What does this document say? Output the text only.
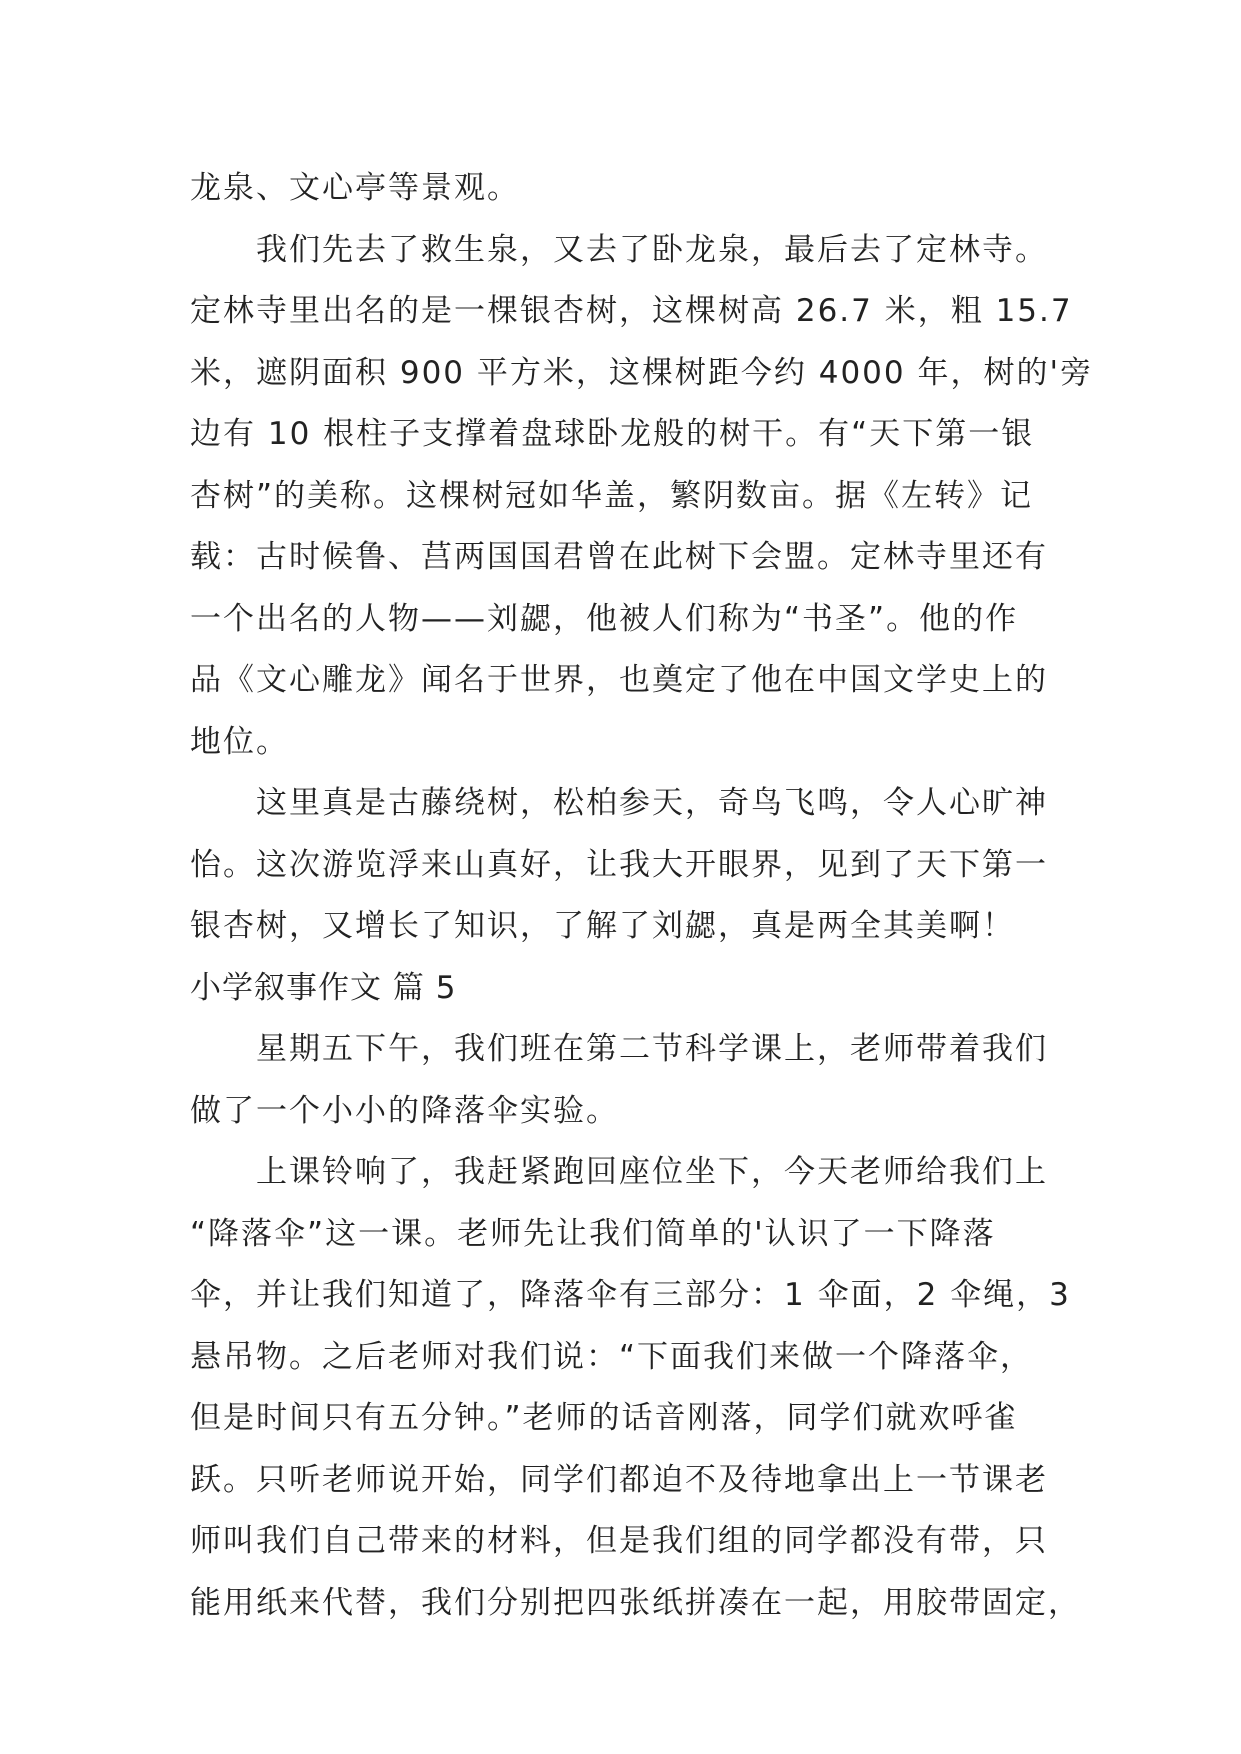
龙泉、文心亭等景观。
我们先去了救生泉，又去了卧龙泉，最后去了定林寺。
定林寺里出名的是一棵银杏树，这棵树高 26.7 米，粗 15.7
米，遮阴面积 900 平方米，这棵树距今约 4000 年，树的'旁
边有 10 根柱子支撑着盘球卧龙般的树干。有“天下第一银
杏树”的美称。这棵树冠如华盖，繁阴数亩。据《左转》记
载：古时候鲁、莒两国国君曾在此树下会盟。定林寺里还有
一个出名的人物——刘勰，他被人们称为“书圣”。他的作
品《文心雕龙》闻名于世界，也奠定了他在中国文学史上的
地位。
这里真是古藤绕树，松柏参天，奇鸟飞鸣，令人心旷神
怡。这次游览浮来山真好，让我大开眼界，见到了天下第一
银杏树，又增长了知识，了解了刘勰，真是两全其美啊！
小学叙事作文 篇 5
星期五下午，我们班在第二节科学课上，老师带着我们
做了一个小小的降落伞实验。
上课铃响了，我赶紧跑回座位坐下，今天老师给我们上
“降落伞”这一课。老师先让我们简单的'认识了一下降落
伞，并让我们知道了，降落伞有三部分：1 伞面，2 伞绳，3
悬吊物。之后老师对我们说：“下面我们来做一个降落伞，
但是时间只有五分钟。”老师的话音刚落，同学们就欢呼雀
跃。只听老师说开始，同学们都迫不及待地拿出上一节课老
师叫我们自己带来的材料，但是我们组的同学都没有带，只
能用纸来代替，我们分别把四张纸拼凑在一起，用胶带固定，
